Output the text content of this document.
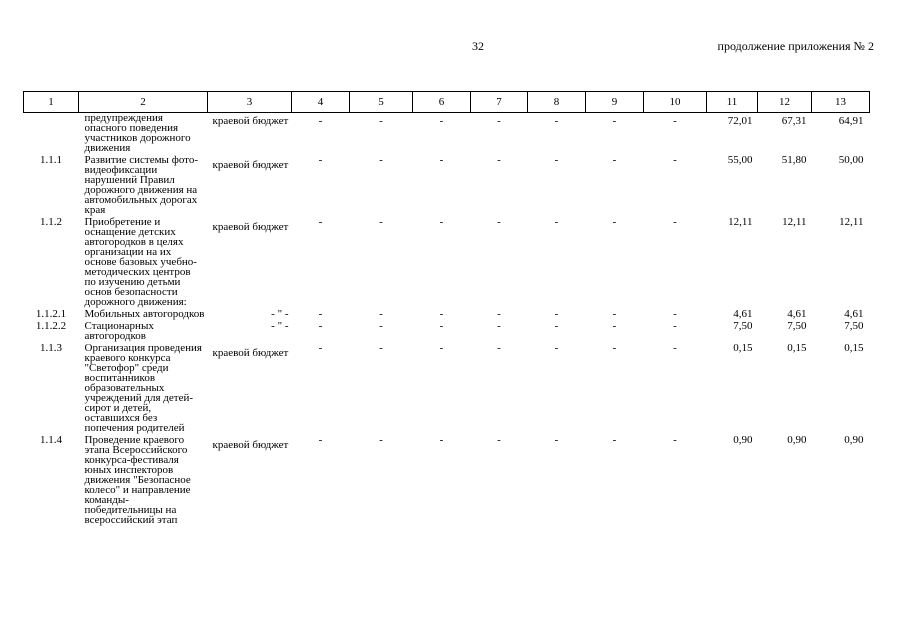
32	продолжение приложения № 2
1	2	3	4	5	6	7	8	9	10	11	12	13
	предупреждения опасного поведения участников дорожного движения	краевой бюджет	-	-	-	-	-	-	-	72,01	67,31	64,91
1.1.1	Развитие системы фото-видеофиксации нарушений Правил дорожного движения на автомобильных дорогах края	краевой бюджет	-	-	-	-	-	-	-	55,00	51,80	50,00
1.1.2	Приобретение и оснащение детских автогородков в целях организации на их основе базовых учебно-методических центров по изучению детьми основ безопасности дорожного движения:	краевой бюджет	-	-	-	-	-	-	-	12,11	12,11	12,11
1.1.2.1	Мобильных автогородков	- " -	-	-	-	-	-	-	-	4,61	4,61	4,61
1.1.2.2	Стационарных автогородков	- " -	-	-	-	-	-	-	-	7,50	7,50	7,50
1.1.3	Организация проведения краевого конкурса "Светофор" среди воспитанников образовательных учреждений для детей-сирот и детей, оставшихся без попечения родителей	краевой бюджет	-	-	-	-	-	-	-	0,15	0,15	0,15
1.1.4	Проведение краевого этапа Всероссийского конкурса-фестиваля юных инспекторов движения "Безопасное колесо" и направление команды-победительницы на всероссийский этап	краевой бюджет	-	-	-	-	-	-	-	0,90	0,90	0,90
